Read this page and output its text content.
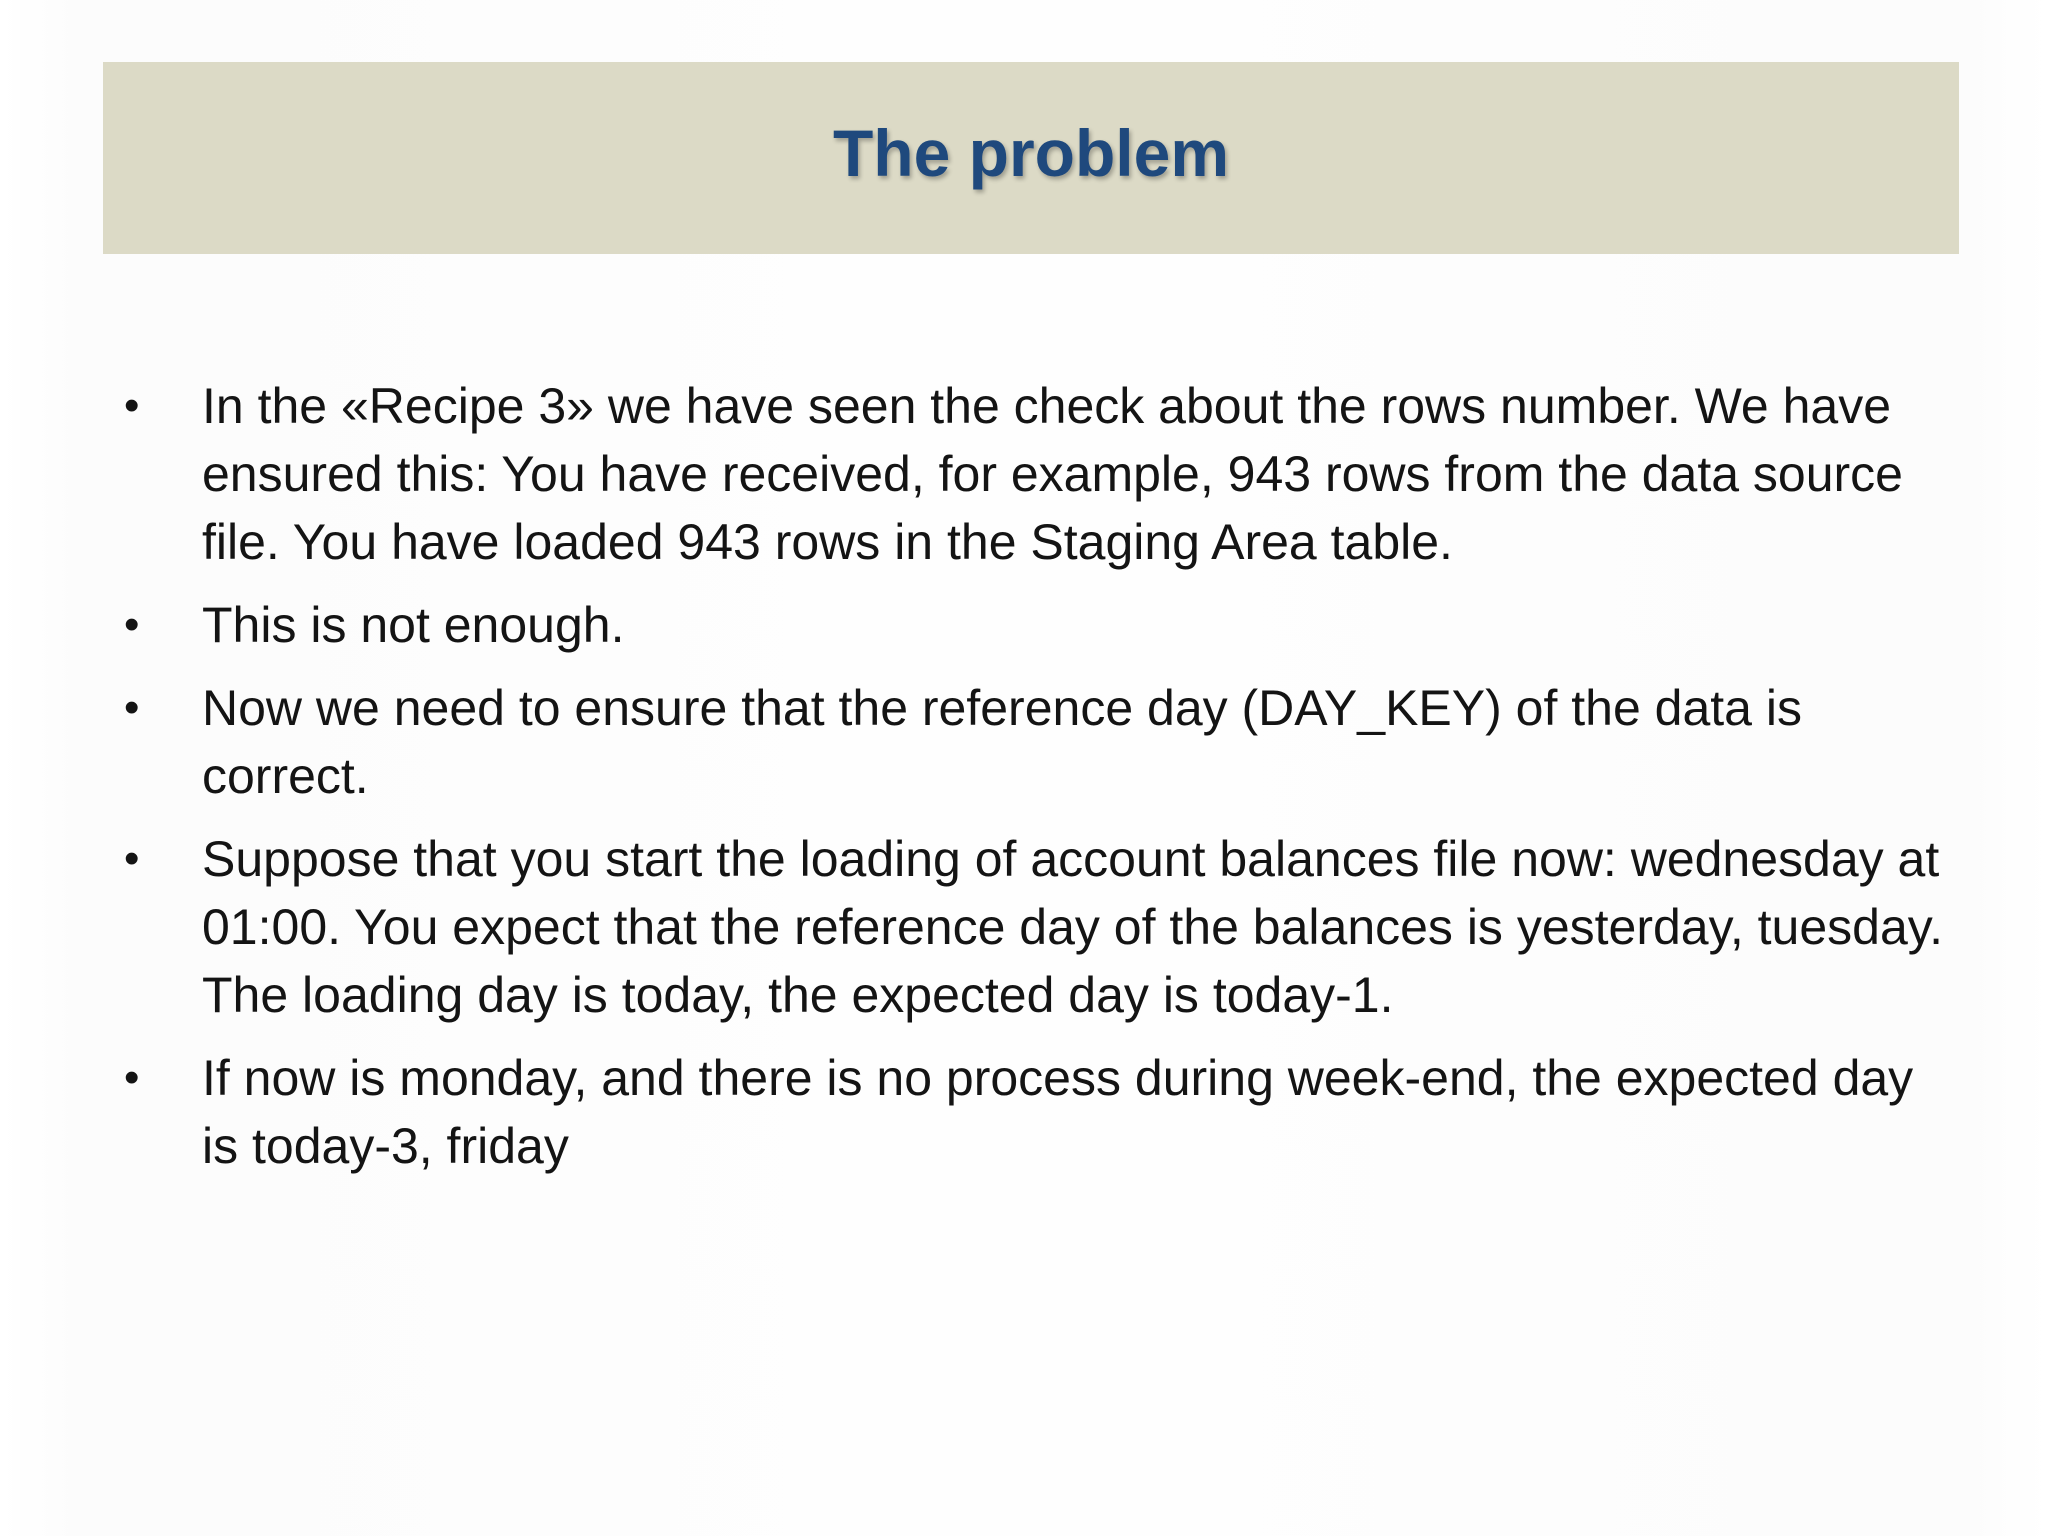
The problem
• In the «Recipe 3» we have seen the check about the rows number. We have ensured this: You have received, for example, 943 rows from the data source file. You have loaded 943 rows in the Staging Area table.
• This is not enough.
• Now we need to ensure that the reference day (DAY_KEY) of the data is correct.
• Suppose that you start the loading of account balances file now: wednesday at 01:00. You expect that the reference day of the balances is yesterday, tuesday. The loading day is today, the expected day is today-1.
• If now is monday, and there is no process during week-end, the expected day is today-3, friday
